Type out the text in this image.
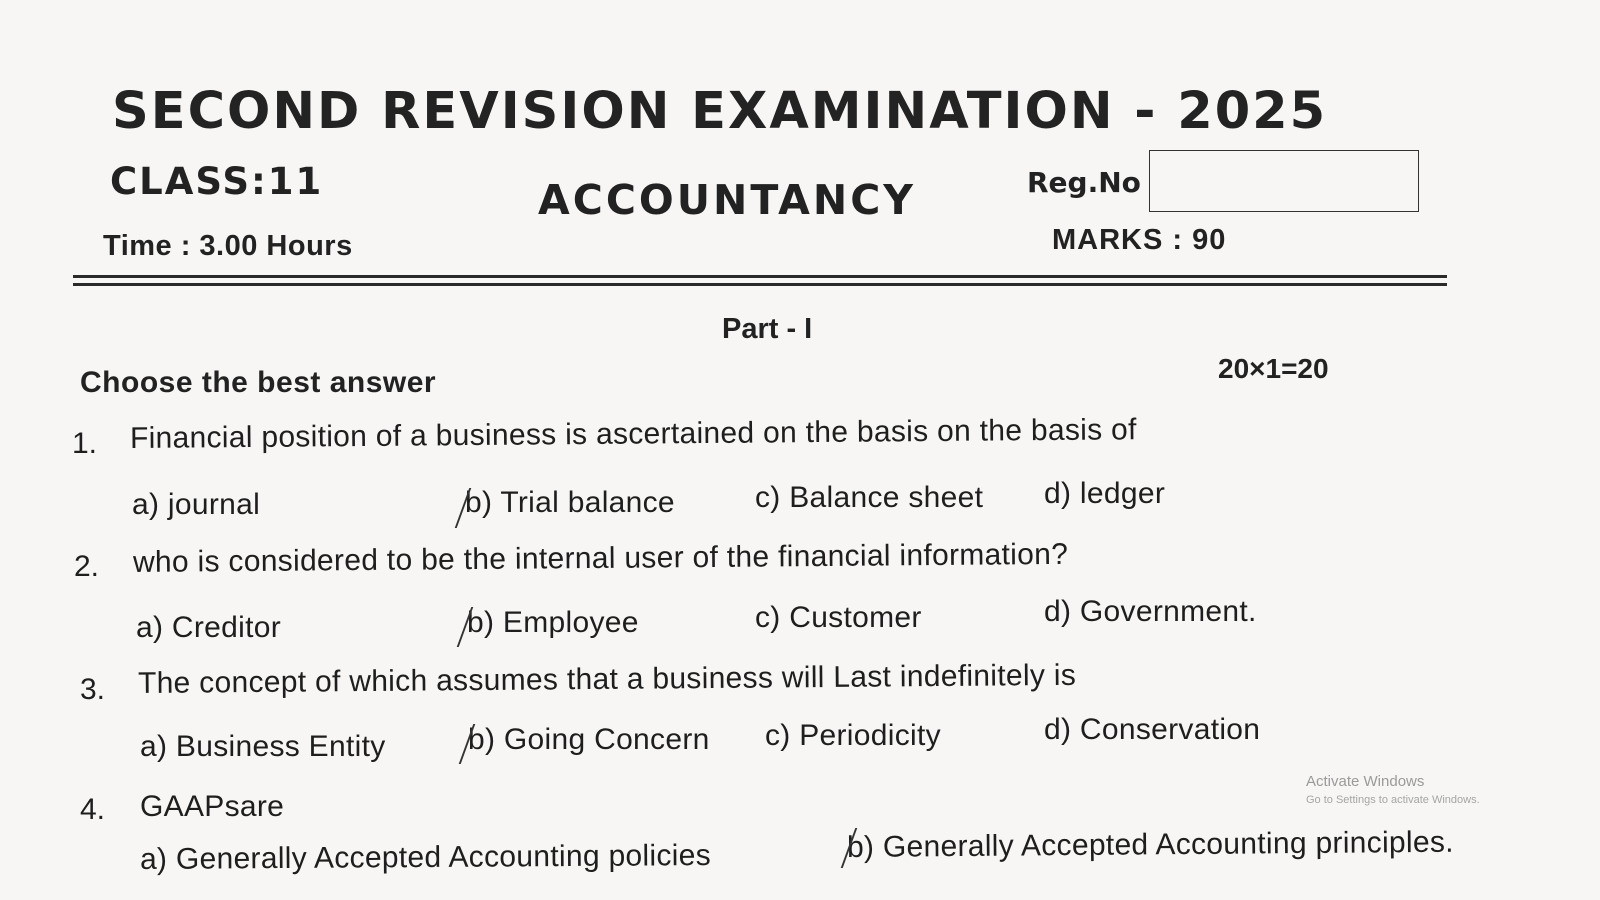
SECOND REVISION EXAMINATION - 2025
CLASS:11	ACCOUNTANCY	Reg.No
Time : 3.00 Hours	MARKS : 90
Part - I
Choose the best answer	20×1=20
1. Financial position of a business is ascertained on the basis on the basis of
a) journal	b) Trial balance	c) Balance sheet d) ledger
2. who is considered to be the internal user of the financial information?
a) Creditor	b) Employee	c) Customer	d) Government.
3. The concept of which assumes that a business will Last indefinitely is
a) Business Entity	b) Going Concern c) Periodicity	d) Conservation
4. GAAPsare
a) Generally Accepted Accounting policies	b) Generally Accepted Accounting principles.
Activate Windows
Go to Settings to activate Windows.
